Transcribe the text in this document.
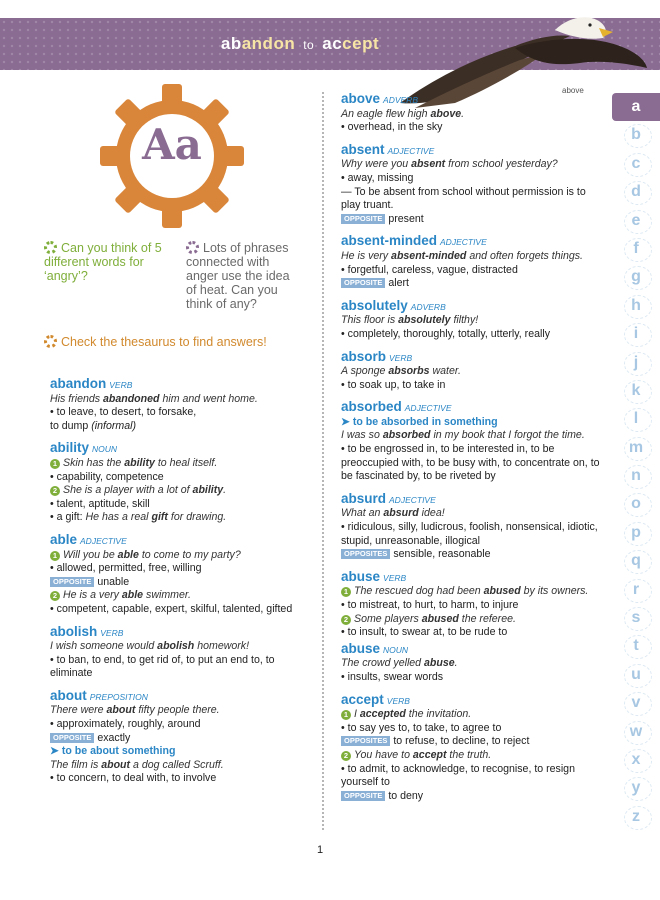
abandon to accept
above
Aa
Can you think of 5 different words for ‘angry’?
Lots of phrases connected with anger use the idea of heat. Can you think of any?
Check the thesaurus to find answers!
abandon VERB
His friends abandoned him and went home.
• to leave, to desert, to forsake,
to dump (informal)
ability NOUN
1 Skin has the ability to heal itself.
• capability, competence
2 She is a player with a lot of ability.
• talent, aptitude, skill
• a gift: He has a real gift for drawing.
able ADJECTIVE
1 Will you be able to come to my party?
• allowed, permitted, free, willing
OPPOSITE unable
2 He is a very able swimmer.
• competent, capable, expert, skilful, talented, gifted
abolish VERB
I wish someone would abolish homework!
• to ban, to end, to get rid of, to put an end to, to eliminate
about PREPOSITION
There were about fifty people there.
• approximately, roughly, around
OPPOSITE exactly
➤ to be about something
The film is about a dog called Scruff.
• to concern, to deal with, to involve
above ADVERB
An eagle flew high above.
• overhead, in the sky
absent ADJECTIVE
Why were you absent from school yesterday?
• away, missing
— To be absent from school without permission is to play truant.
OPPOSITE present
absent-minded ADJECTIVE
He is very absent-minded and often forgets things.
• forgetful, careless, vague, distracted
OPPOSITE alert
absolutely ADVERB
This floor is absolutely filthy!
• completely, thoroughly, totally, utterly, really
absorb VERB
A sponge absorbs water.
• to soak up, to take in
absorbed ADJECTIVE
➤ to be absorbed in something
I was so absorbed in my book that I forgot the time.
• to be engrossed in, to be interested in, to be preoccupied with, to be busy with, to concentrate on, to be fascinated by, to be riveted by
absurd ADJECTIVE
What an absurd idea!
• ridiculous, silly, ludicrous, foolish, nonsensical, idiotic, stupid, unreasonable, illogical
OPPOSITES sensible, reasonable
abuse VERB
1 The rescued dog had been abused by its owners.
• to mistreat, to hurt, to harm, to injure
2 Some players abused the referee.
• to insult, to swear at, to be rude to
abuse NOUN
The crowd yelled abuse.
• insults, swear words
accept VERB
1 I accepted the invitation.
• to say yes to, to take, to agree to
OPPOSITES to refuse, to decline, to reject
2 You have to accept the truth.
• to admit, to acknowledge, to recognise, to resign yourself to
OPPOSITE to deny
a
b
c
d
e
f
g
h
i
j
k
l
m
n
o
p
q
r
s
t
u
v
w
x
y
z
1
